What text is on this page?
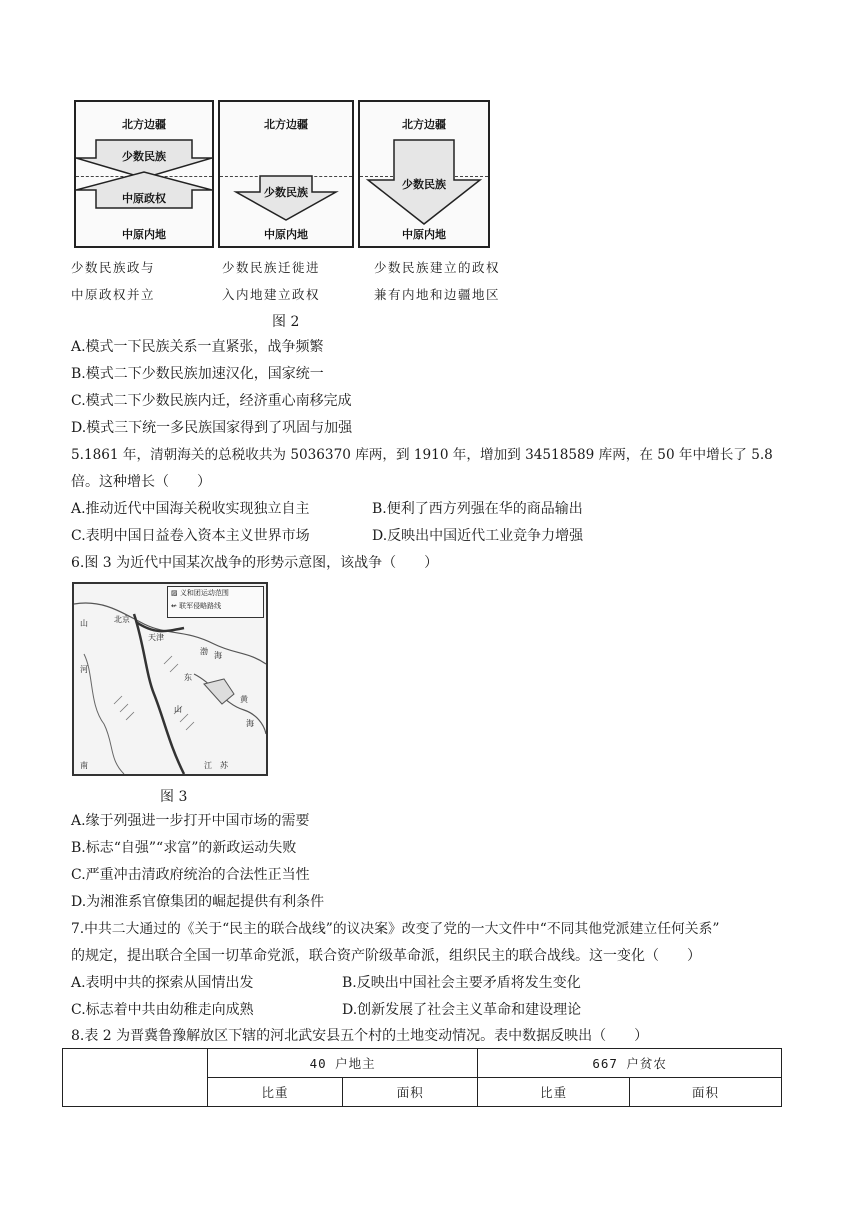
北方边疆
少数民族
中原政权
中原内地
北方边疆
少数民族
中原内地
北方边疆
少数民族
中原内地
少数民族政与
中原政权并立
少数民族迁徙进
入内地建立政权
少数民族建立的政权
兼有内地和边疆地区
图 2
A.模式一下民族关系一直紧张，战争频繁
B.模式二下少数民族加速汉化，国家统一
C.模式二下少数民族内迁，经济重心南移完成
D.模式三下统一多民族国家得到了巩固与加强
5.1861 年，清朝海关的总税收共为 5036370 库两，到 1910 年，增加到 34518589 库两，在 50 年中增长了 5.8
倍。这种增长（　　）
A.推动近代中国海关税收实现独立自主	B.便利了西方列强在华的商品输出
C.表明中国日益卷入资本主义世界市场	D.反映出中国近代工业竞争力增强
6.图 3 为近代中国某次战争的形势示意图，该战争（　　）
▨ 义和团运动范围
↚ 联军侵略路线
北京
天津
山
东
河
南	江 苏
山
黄
海
渤 海
图 3
A.缘于列强进一步打开中国市场的需要
B.标志“自强”“求富”的新政运动失败
C.严重冲击清政府统治的合法性正当性
D.为湘淮系官僚集团的崛起提供有利条件
7.中共二大通过的《关于“民主的联合战线”的议决案》改变了党的一大文件中“不同其他党派建立任何关系”
的规定，提出联合全国一切革命党派，联合资产阶级革命派，组织民主的联合战线。这一变化（　　）
A.表明中共的探索从国情出发	B.反映出中国社会主要矛盾将发生变化
C.标志着中共由幼稚走向成熟	D.创新发展了社会主义革命和建设理论
8.表 2 为晋冀鲁豫解放区下辖的河北武安县五个村的土地变动情况。表中数据反映出（　　）
	40 户地主		667 户贫农	
	比重	面积	比重	面积
